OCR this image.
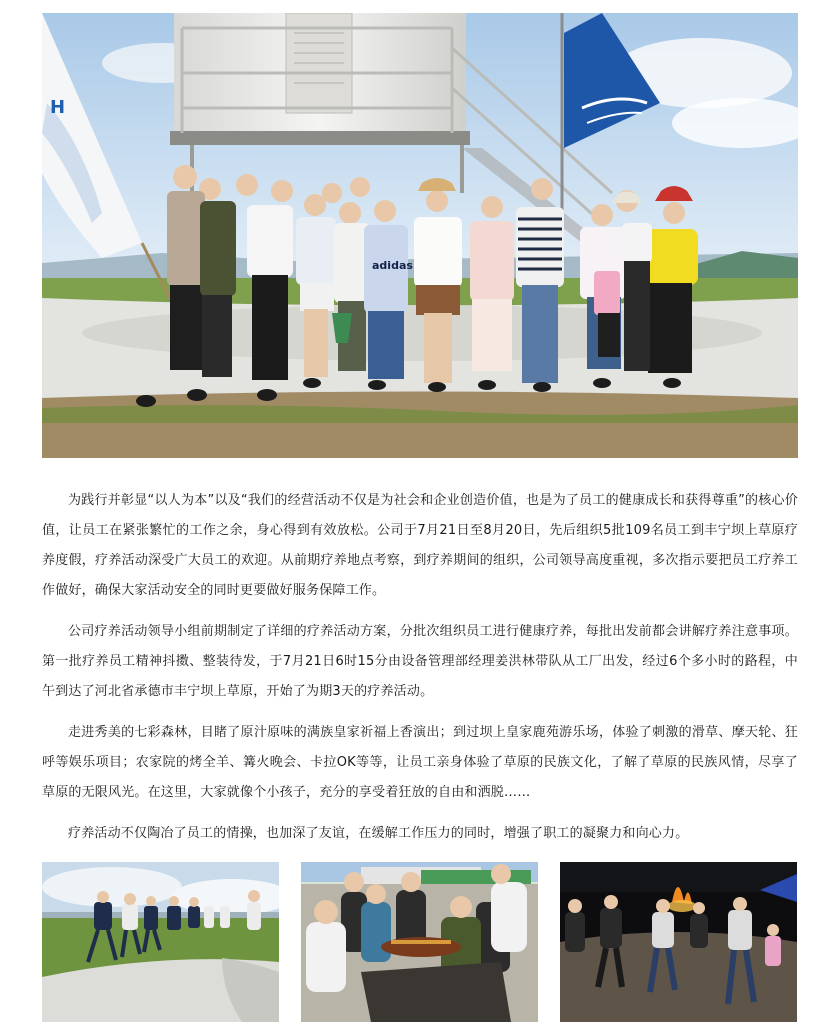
H
adidas

为践行并彰显“以人为本”以及“我们的经营活动不仅是为社会和企业创造价值，也是为了员工的健康成长和获得尊重”的核心价值，让员工在紧张繁忙的工作之余，身心得到有效放松。公司于7月21日至8月20日，先后组织5批109名员工到丰宁坝上草原疗养度假，疗养活动深受广大员工的欢迎。从前期疗养地点考察，到疗养期间的组织，公司领导高度重视，多次指示要把员工疗养工作做好，确保大家活动安全的同时更要做好服务保障工作。

公司疗养活动领导小组前期制定了详细的疗养活动方案，分批次组织员工进行健康疗养，每批出发前都会讲解疗养注意事项。第一批疗养员工精神抖擞、整装待发，于7月21日6时15分由设备管理部经理姜洪林带队从工厂出发，经过6个多小时的路程，中午到达了河北省承德市丰宁坝上草原，开始了为期3天的疗养活动。

走进秀美的七彩森林，目睹了原汁原味的满族皇家祈福上香演出；到过坝上皇家鹿苑游乐场，体验了刺激的滑草、摩天轮、狂呼等娱乐项目；农家院的烤全羊、篝火晚会、卡拉OK等等，让员工亲身体验了草原的民族文化，了解了草原的民族风情，尽享了草原的无限风光。在这里，大家就像个小孩子，充分的享受着狂放的自由和洒脱……

疗养活动不仅陶冶了员工的情操，也加深了友谊，在缓解工作压力的同时，增强了职工的凝聚力和向心力。
